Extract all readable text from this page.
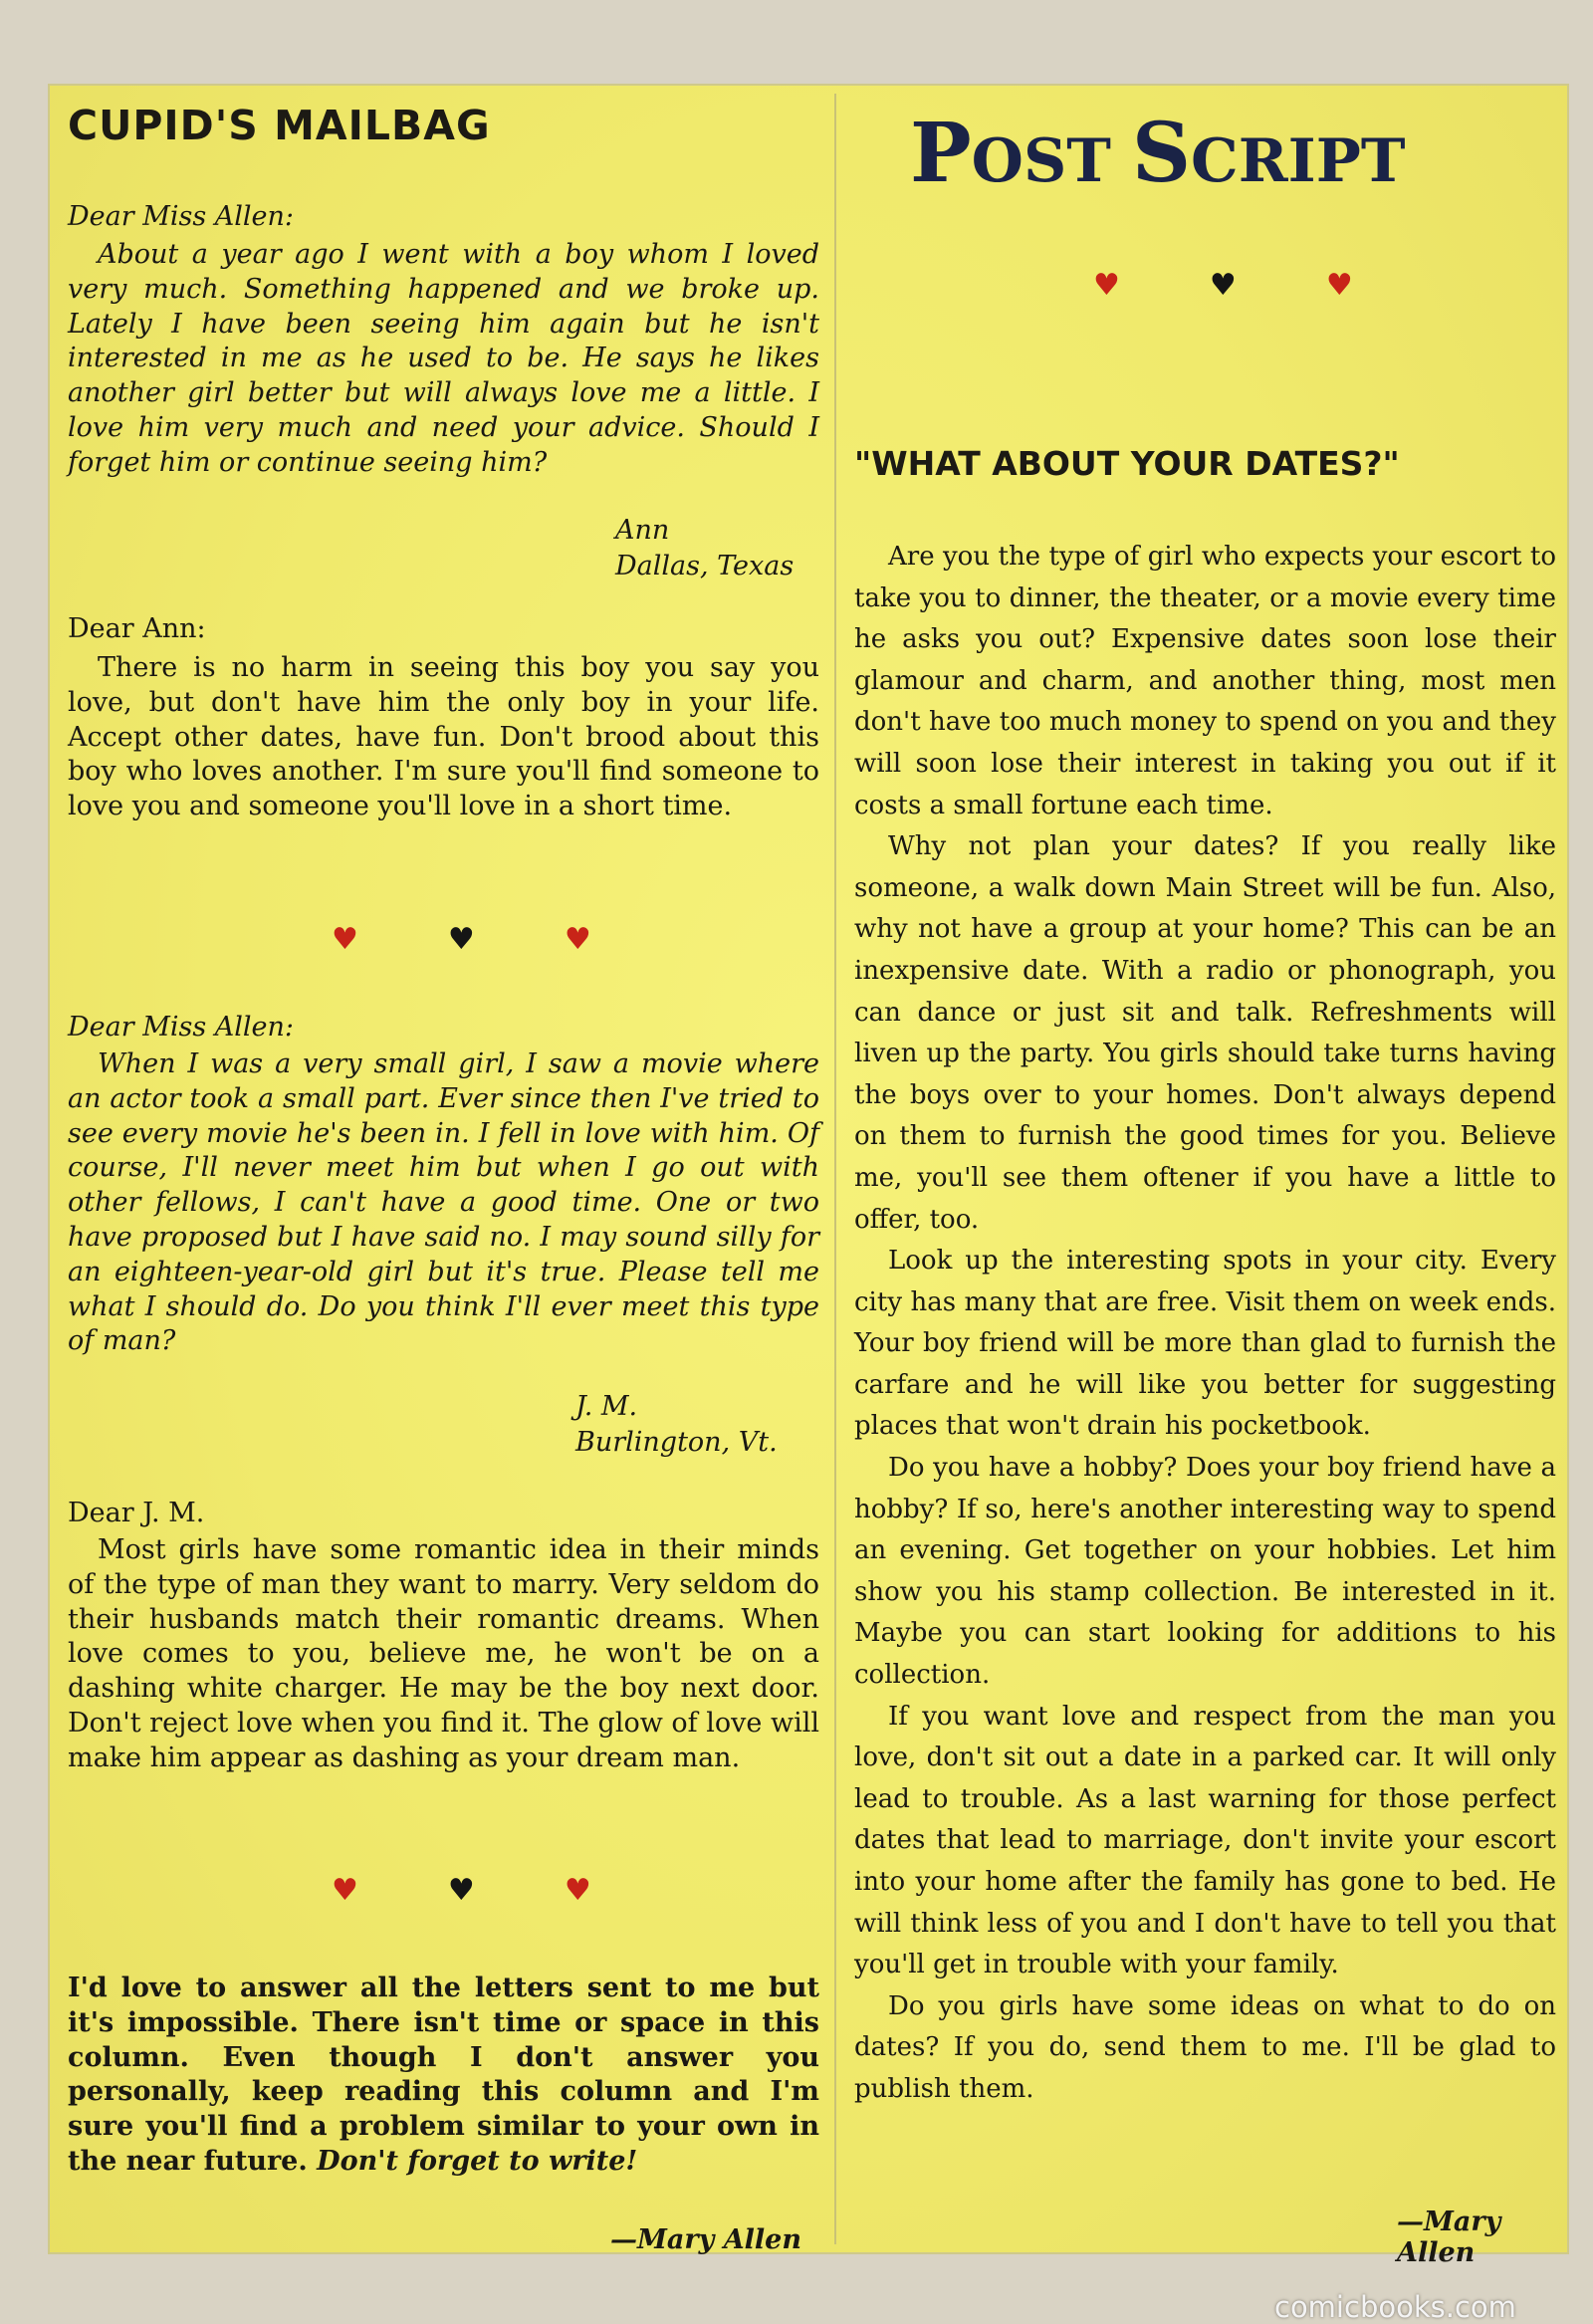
CUPID'S MAILBAG

Dear Miss Allen:

About a year ago I went with a boy whom I loved very much. Something happened and we broke up. Lately I have been seeing him again but he isn't interested in me as he used to be. He says he likes another girl better but will always love me a little. I love him very much and need your advice. Should I forget him or continue seeing him?

Ann

Dallas, Texas

Dear Ann:

There is no harm in seeing this boy you say you love, but don't have him the only boy in your life. Accept other dates, have fun. Don't brood about this boy who loves another. I'm sure you'll find someone to love you and someone you'll love in a short time.

♥	♥	♥

Dear Miss Allen:

When I was a very small girl, I saw a movie where an actor took a small part. Ever since then I've tried to see every movie he's been in. I fell in love with him. Of course, I'll never meet him but when I go out with other fellows, I can't have a good time. One or two have proposed but I have said no. I may sound silly for an eighteen-year-old girl but it's true. Please tell me what I should do. Do you think I'll ever meet this type of man?

J. M.

Burlington, Vt.

Dear J. M.

Most girls have some romantic idea in their minds of the type of man they want to marry. Very seldom do their husbands match their romantic dreams. When love comes to you, believe me, he won't be on a dashing white charger. He may be the boy next door. Don't reject love when you find it. The glow of love will make him appear as dashing as your dream man.

♥	♥	♥

I'd love to answer all the letters sent to me but it's impossible. There isn't time or space in this column. Even though I don't answer you personally, keep reading this column and I'm sure you'll find a problem similar to your own in the near future. Don't forget to write!

—Mary Allen

POST SCRIPT
♥	♥	♥
"WHAT ABOUT YOUR DATES?"

Are you the type of girl who expects your escort to take you to dinner, the theater, or a movie every time he asks you out? Expensive dates soon lose their glamour and charm, and another thing, most men don't have too much money to spend on you and they will soon lose their interest in taking you out if it costs a small fortune each time.

Why not plan your dates? If you really like someone, a walk down Main Street will be fun. Also, why not have a group at your home? This can be an inexpensive date. With a radio or phonograph, you can dance or just sit and talk. Refreshments will liven up the party. You girls should take turns having the boys over to your homes. Don't always depend on them to furnish the good times for you. Believe me, you'll see them oftener if you have a little to offer, too.

Look up the interesting spots in your city. Every city has many that are free. Visit them on week ends. Your boy friend will be more than glad to furnish the carfare and he will like you better for suggesting places that won't drain his pocketbook.

Do you have a hobby? Does your boy friend have a hobby? If so, here's another interesting way to spend an evening. Get together on your hobbies. Let him show you his stamp collection. Be interested in it. Maybe you can start looking for additions to his collection.

If you want love and respect from the man you love, don't sit out a date in a parked car. It will only lead to trouble. As a last warning for those perfect dates that lead to marriage, don't invite your escort into your home after the family has gone to bed. He will think less of you and I don't have to tell you that you'll get in trouble with your family.

Do you girls have some ideas on what to do on dates? If you do, send them to me. I'll be glad to publish them.

—Mary Allen

comicbooks.com
